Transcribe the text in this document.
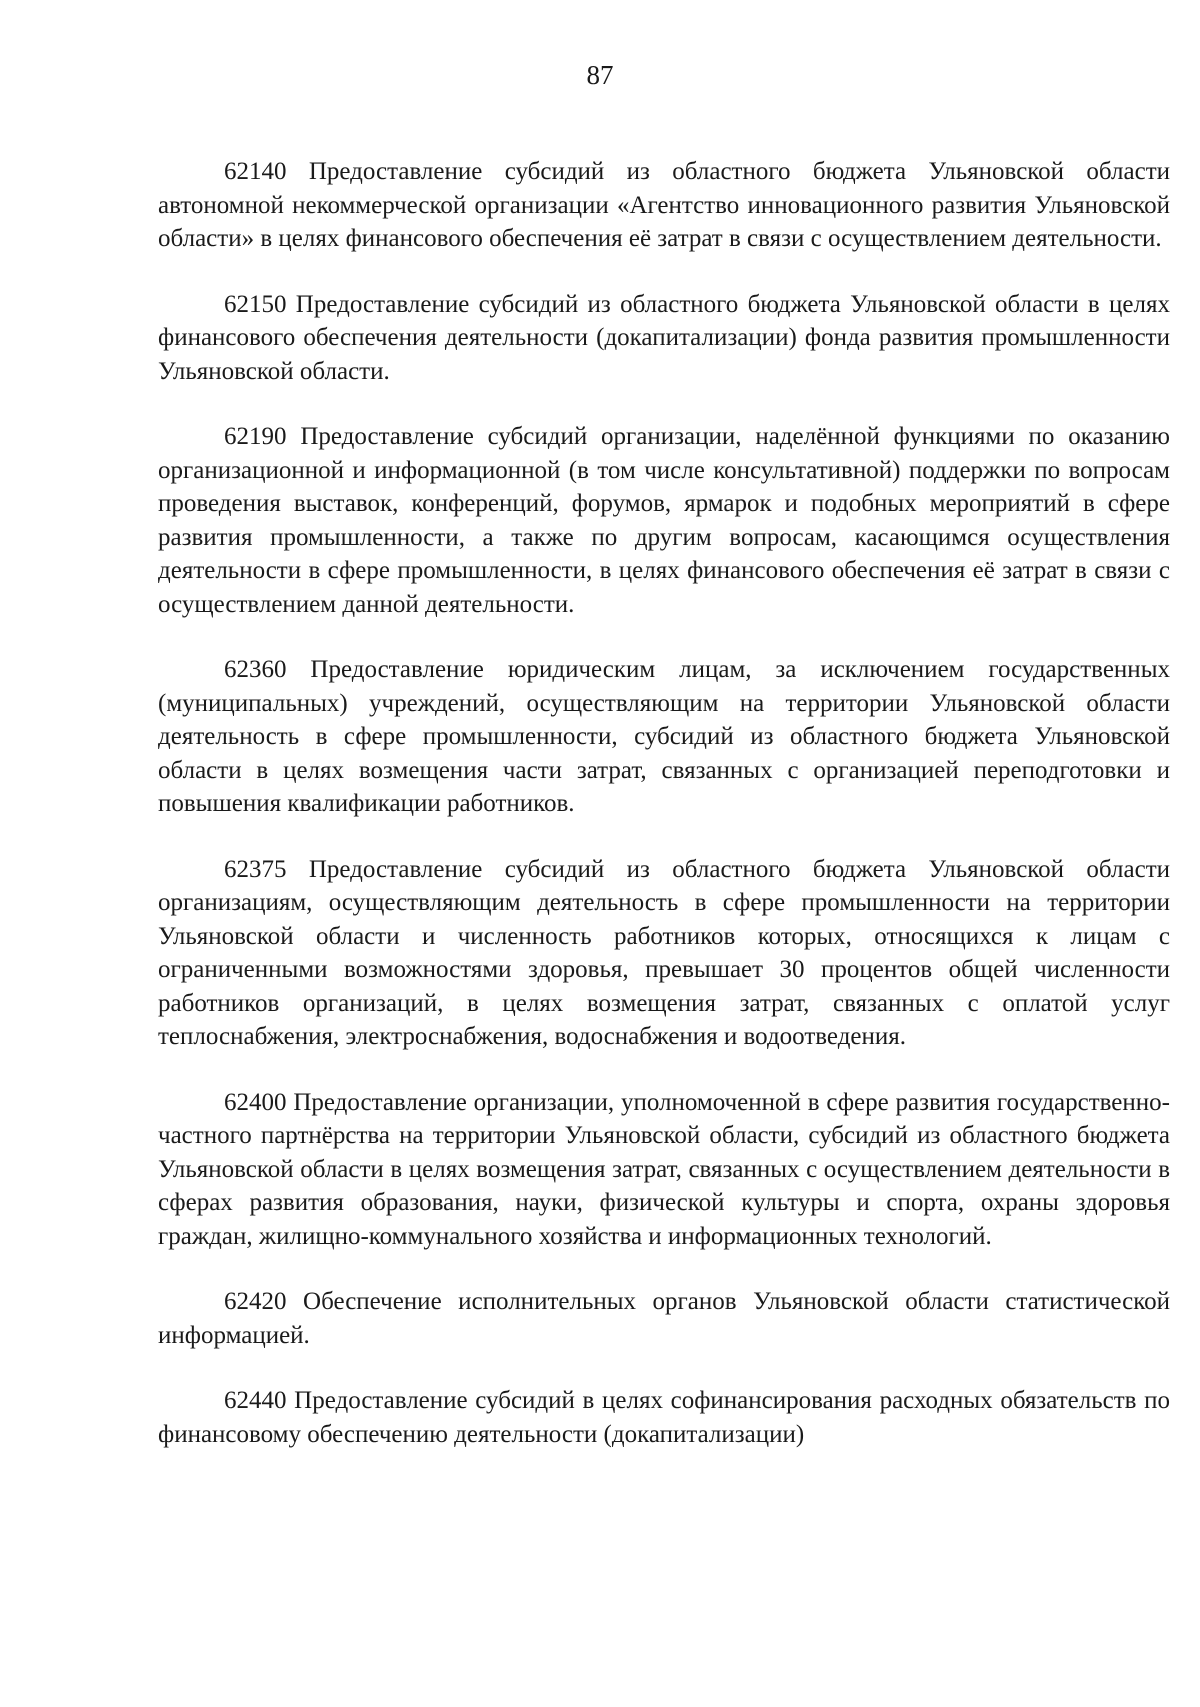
87

62140 Предоставление субсидий из областного бюджета Ульяновской области автономной некоммерческой организации «Агентство инновационного развития Ульяновской области» в целях финансового обеспечения её затрат в связи с осуществлением деятельности.

62150 Предоставление субсидий из областного бюджета Ульяновской области в целях финансового обеспечения деятельности (докапитализации) фонда развития промышленности Ульяновской области.

62190 Предоставление субсидий организации, наделённой функциями по оказанию организационной и информационной (в том числе консультативной) поддержки по вопросам проведения выставок, конференций, форумов, ярмарок и подобных мероприятий в сфере развития промышленности, а также по другим вопросам, касающимся осуществления деятельности в сфере промышленности, в целях финансового обеспечения её затрат в связи с осуществлением данной деятельности.

62360 Предоставление юридическим лицам, за исключением государственных (муниципальных) учреждений, осуществляющим на территории Ульяновской области деятельность в сфере промышленности, субсидий из областного бюджета Ульяновской области в целях возмещения части затрат, связанных с организацией переподготовки и повышения квалификации работников.

62375 Предоставление субсидий из областного бюджета Ульяновской области организациям, осуществляющим деятельность в сфере промышленности на территории Ульяновской области и численность работников которых, относящихся к лицам с ограниченными возможностями здоровья, превышает 30 процентов общей численности работников организаций, в целях возмещения затрат, связанных с оплатой услуг теплоснабжения, электроснабжения, водоснабжения и водоотведения.

62400 Предоставление организации, уполномоченной в сфере развития государственно-частного партнёрства на территории Ульяновской области, субсидий из областного бюджета Ульяновской области в целях возмещения затрат, связанных с осуществлением деятельности в сферах развития образования, науки, физической культуры и спорта, охраны здоровья граждан, жилищно-коммунального хозяйства и информационных технологий.

62420 Обеспечение исполнительных органов Ульяновской области статистической информацией.

62440 Предоставление субсидий в целях софинансирования расходных обязательств по финансовому обеспечению деятельности (докапитализации)
